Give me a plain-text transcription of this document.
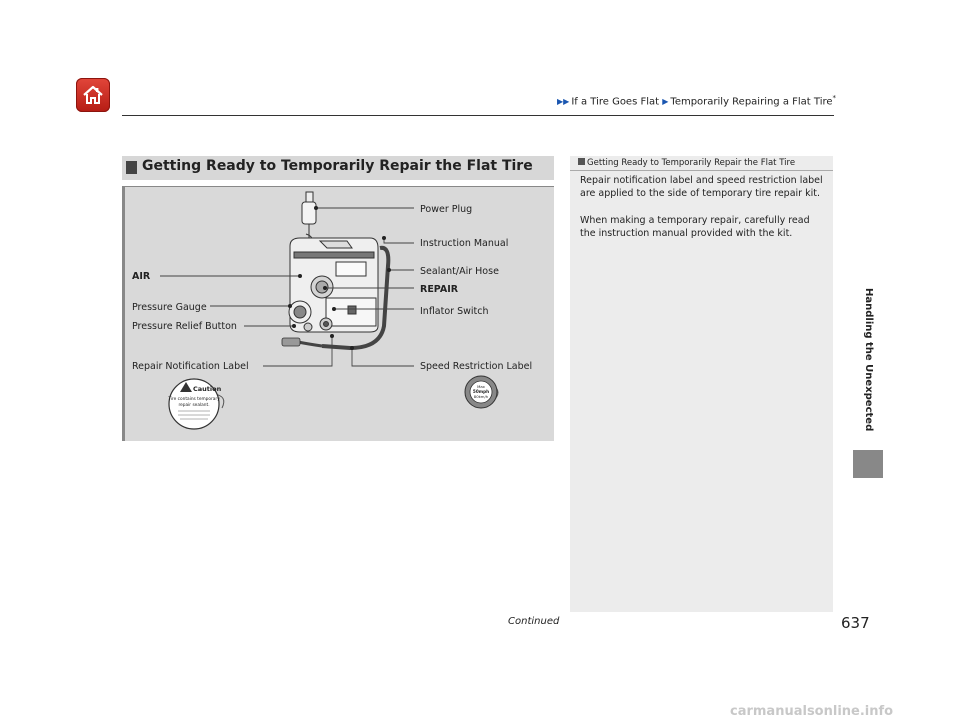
▶▶ If a Tire Goes Flat ▶ Temporarily Repairing a Flat Tire*
Handling the Unexpected
Getting Ready to Temporarily Repair the Flat Tire
Power Plug
Instruction Manual
Sealant/Air Hose
REPAIR
Inflator Switch
Speed Restriction Label
AIR
Pressure Gauge
Pressure Relief Button
Repair Notification Label
Caution
Tire contains temporary
repair sealant.
Max
50mph
80km/h
Getting Ready to Temporarily Repair the Flat Tire

Repair notification label and speed restriction label are applied to the side of temporary tire repair kit.

When making a temporary repair, carefully read the instruction manual provided with the kit.

Continued	637
carmanualsonline.info
